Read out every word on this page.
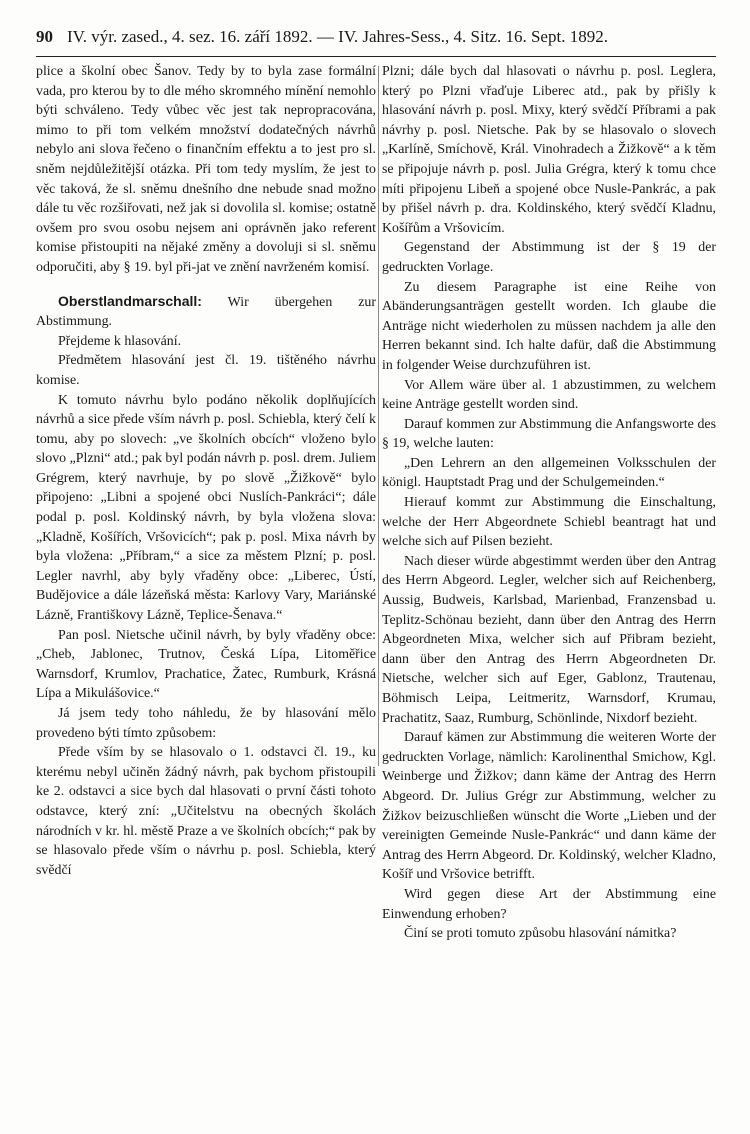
90 IV. výr. zased., 4. sez. 16. září 1892. — IV. Jahres-Sess., 4. Sitz. 16. Sept. 1892.

plice a školní obec Šanov. Tedy by to byla zase formální vada, pro kterou by to dle mého skromného mínění nemohlo býti schváleno. Tedy vůbec věc jest tak nepropracována, mimo to při tom velkém množství dodatečných návrhů nebylo ani slova řečeno o finančním effektu a to jest pro sl. sněm nejdůležitější otázka. Při tom tedy myslím, že jest to věc taková, že sl. sněmu dnešního dne nebude snad možno dále tu věc rozšiřovati, než jak si dovolila sl. komise; ostatně ovšem pro svou osobu nejsem ani oprávněn jako referent komise přistoupiti na nějaké změny a dovoluji si sl. sněmu odporučiti, aby § 19. byl při-jat ve znění navrženém komisí.

Oberstlandmarschall: Wir übergehen zur Abstimmung.

Přejdeme k hlasování.

Předmětem hlasování jest čl. 19. tištěného návrhu komise.

K tomuto návrhu bylo podáno několik doplňujících návrhů a sice přede vším návrh p. posl. Schiebla, který čelí k tomu, aby po slovech: „ve školních obcích“ vloženo bylo slovo „Plzni“ atd.; pak byl podán návrh p. posl. drem. Juliem Grégrem, který navrhuje, by po slově „Žižkově“ bylo připojeno: „Libni a spojené obci Nuslích-Pankráci“; dále podal p. posl. Koldinský návrh, by byla vložena slova: „Kladně, Košířích, Vršovicích“; pak p. posl. Mixa návrh by byla vložena: „Příbram,“ a sice za městem Plzní; p. posl. Legler navrhl, aby byly vřaděny obce: „Liberec, Ústí, Budějovice a dále lázeňská města: Karlovy Vary, Mariánské Lázně, Františkovy Lázně, Teplice-Šenava.“

Pan posl. Nietsche učinil návrh, by byly vřaděny obce: „Cheb, Jablonec, Trutnov, Česká Lípa, Litoměřice Warnsdorf, Krumlov, Prachatice, Žatec, Rumburk, Krásná Lípa a Mikulášovice.“

Já jsem tedy toho náhledu, že by hlasování mělo provedeno býti tímto způsobem:

Přede vším by se hlasovalo o 1. odstavci čl. 19., ku kterému nebyl učiněn žádný návrh, pak bychom přistoupili ke 2. odstavci a sice bych dal hlasovati o první části tohoto odstavce, který zní: „Učitelstvu na obecných školách národních v kr. hl. městě Praze a ve školních obcích;“ pak by se hlasovalo přede vším o návrhu p. posl. Schiebla, který svědčí

Plzni; dále bych dal hlasovati o návrhu p. posl. Leglera, který po Plzni vřaďuje Liberec atd., pak by přišly k hlasování návrh p. posl. Mixy, který svědčí Příbrami a pak návrhy p. posl. Nietsche. Pak by se hlasovalo o slovech „Karlíně, Smíchově, Král. Vinohradech a Žižkově“ a k těm se připojuje návrh p. posl. Julia Grégra, který k tomu chce míti připojenu Libeň a spojené obce Nusle-Pankrác, a pak by přišel návrh p. dra. Koldinského, který svědčí Kladnu, Košířům a Vršovicím.

Gegenstand der Abstimmung ist der § 19 der gedruckten Vorlage.

Zu diesem Paragraphe ist eine Reihe von Abänderungsanträgen gestellt worden. Ich glaube die Anträge nicht wiederholen zu müssen nachdem ja alle den Herren bekannt sind. Ich halte dafür, daß die Abstimmung in folgender Weise durchzuführen ist.

Vor Allem wäre über al. 1 abzustimmen, zu welchem keine Anträge gestellt worden sind.

Darauf kommen zur Abstimmung die Anfangsworte des § 19, welche lauten:

„Den Lehrern an den allgemeinen Volksschulen der königl. Hauptstadt Prag und der Schulgemeinden.“

Hierauf kommt zur Abstimmung die Einschaltung, welche der Herr Abgeordnete Schiebl beantragt hat und welche sich auf Pilsen bezieht.

Nach dieser würde abgestimmt werden über den Antrag des Herrn Abgeord. Legler, welcher sich auf Reichenberg, Aussig, Budweis, Karlsbad, Marienbad, Franzensbad u. Teplitz-Schönau bezieht, dann über den Antrag des Herrn Abgeordneten Mixa, welcher sich auf Přibram bezieht, dann über den Antrag des Herrn Abgeordneten Dr. Nietsche, welcher sich auf Eger, Gablonz, Trautenau, Böhmisch Leipa, Leitmeritz, Warnsdorf, Krumau, Prachatitz, Saaz, Rumburg, Schönlinde, Nixdorf bezieht.

Darauf kämen zur Abstimmung die weiteren Worte der gedruckten Vorlage, nämlich: Karolinenthal Smichow, Kgl. Weinberge und Žižkov; dann käme der Antrag des Herrn Abgeord. Dr. Julius Grégr zur Abstimmung, welcher zu Žižkov beizuschließen wünscht die Worte „Lieben und der vereinigten Gemeinde Nusle-Pankrác“ und dann käme der Antrag des Herrn Abgeord. Dr. Koldinský, welcher Kladno, Košíř und Vršovice betrifft.

Wird gegen diese Art der Abstimmung eine Einwendung erhoben?

Činí se proti tomuto způsobu hlasování námitka?
